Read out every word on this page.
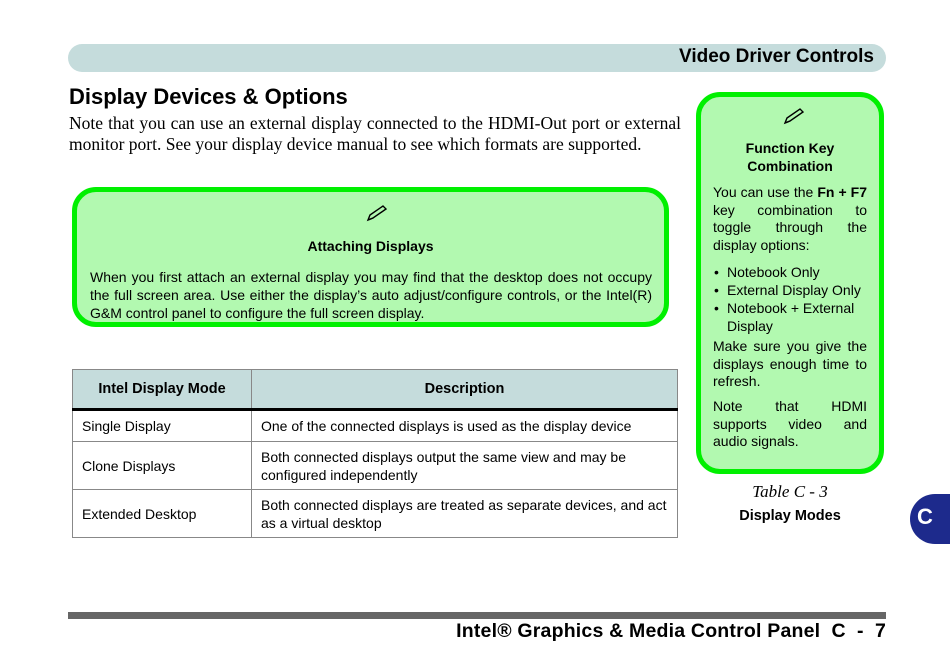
Video Driver Controls
Display Devices & Options
Note that you can use an external display connected to the HDMI-Out port or external monitor port. See your display device manual to see which formats are supported.
Attaching Displays
When you first attach an external display you may find that the desktop does not occupy the full screen area. Use either the display’s auto adjust/configure controls, or the Intel(R) G&M control panel to configure the full screen display.
Intel Display Mode	Description
Single Display	One of the connected displays is used as the display device
Clone Displays	Both connected displays output the same view and may be configured independently
Extended Desktop	Both connected displays are treated as separate devices, and act as a virtual desktop
Function Key
Combination
You can use the Fn + F7 key combination to toggle through the display options:
• Notebook Only
• External Display Only
• Notebook + External Display
Make sure you give the displays enough time to refresh.
Note that HDMI supports video and audio signals.
Table C - 3
Display Modes	C
Intel® Graphics & Media Control Panel  C  -  7
